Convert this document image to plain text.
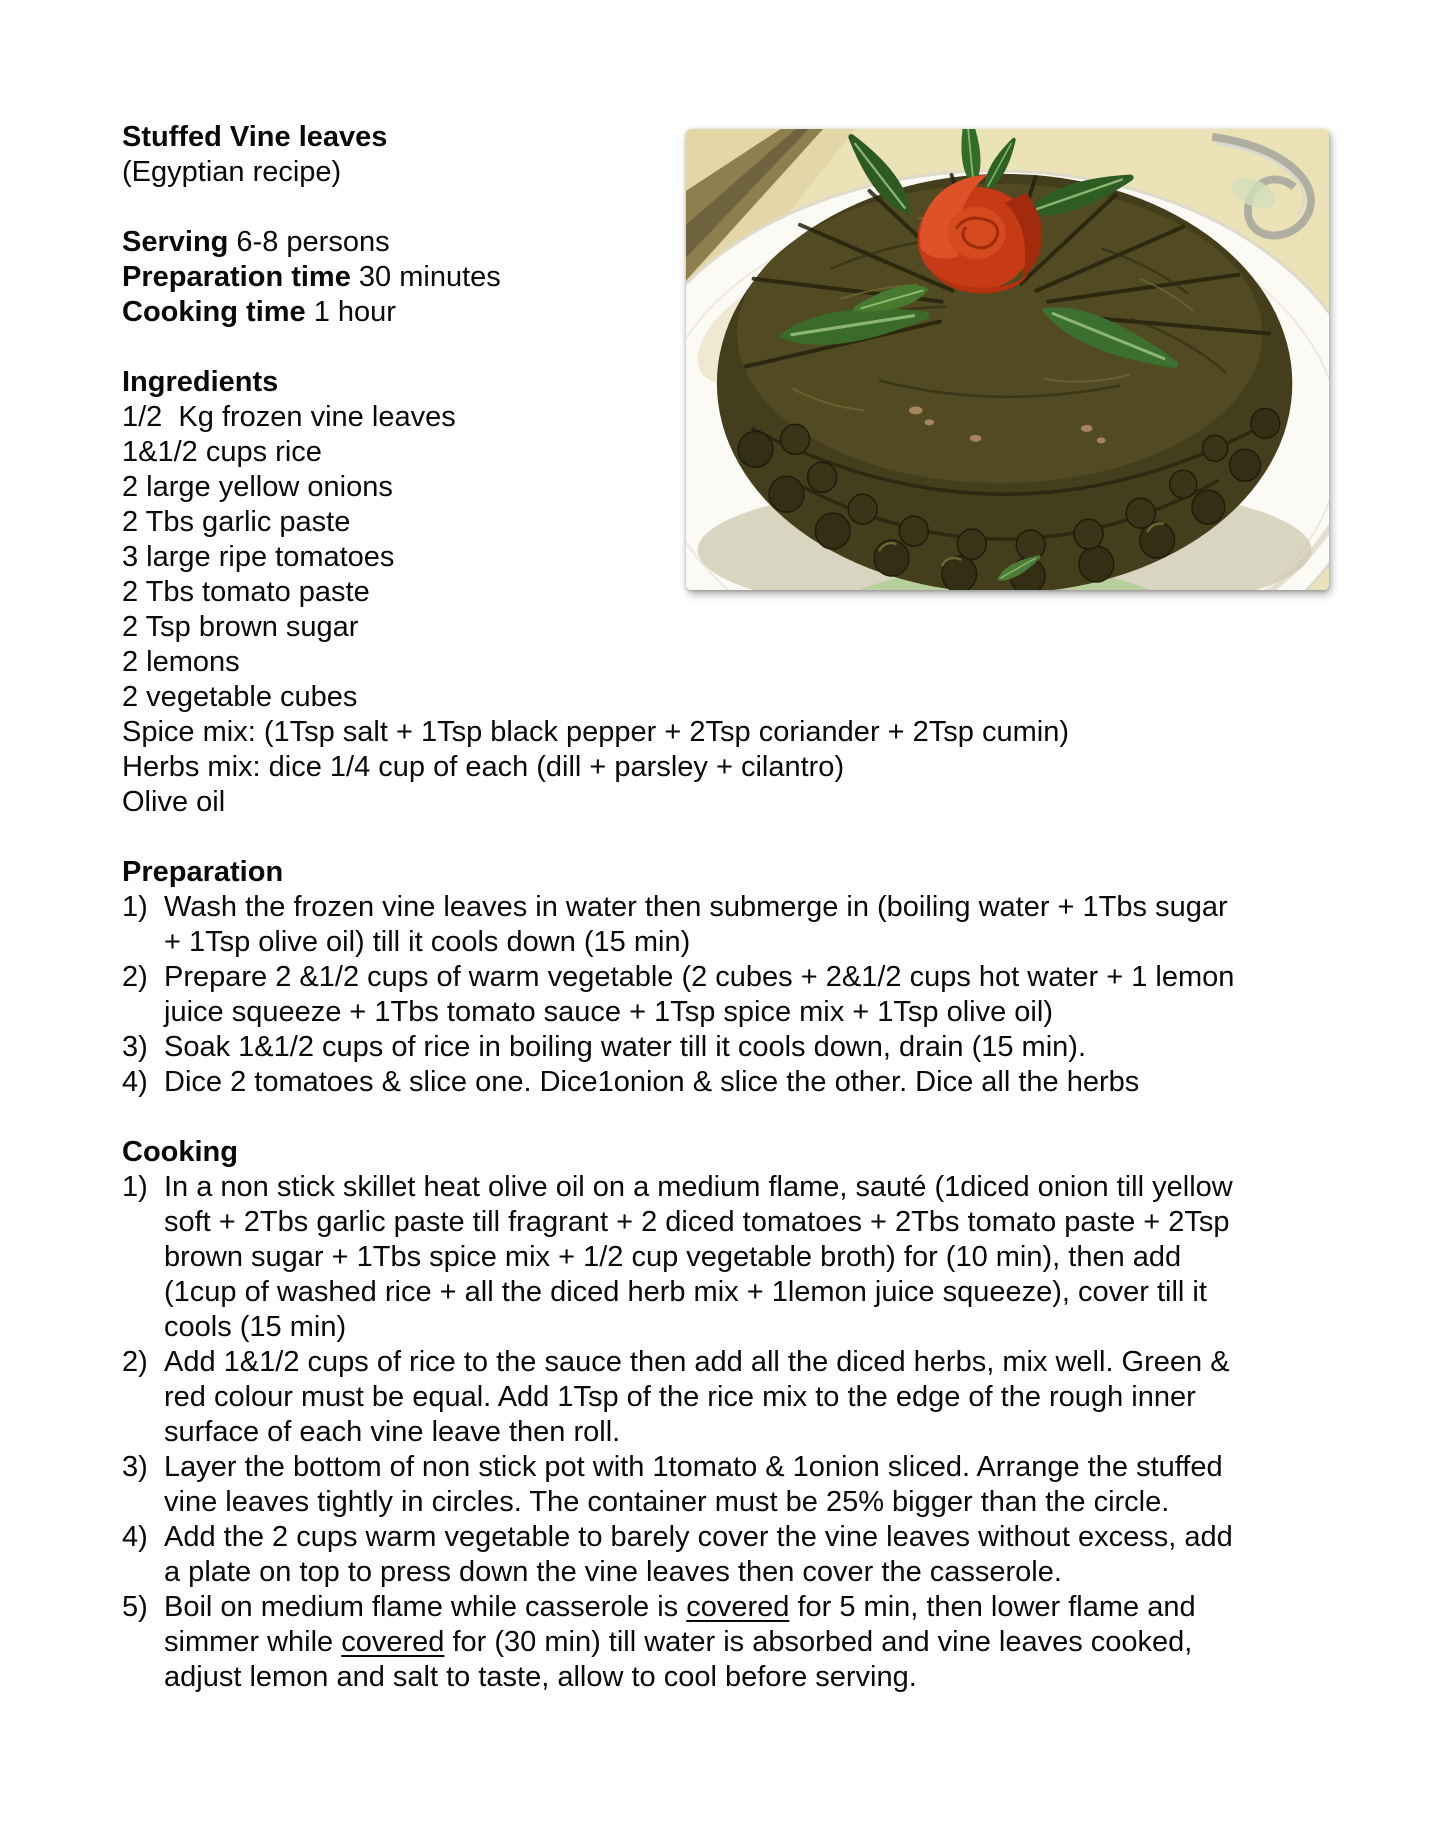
Stuffed Vine leaves
(Egyptian recipe)
Serving 6-8 persons
Preparation time 30 minutes
Cooking time 1 hour
Ingredients
1/2  Kg frozen vine leaves
1&1/2 cups rice
2 large yellow onions
2 Tbs garlic paste
3 large ripe tomatoes
2 Tbs tomato paste
2 Tsp brown sugar
2 lemons
2 vegetable cubes
Spice mix: (1Tsp salt + 1Tsp black pepper + 2Tsp coriander + 2Tsp cumin)
Herbs mix: dice 1/4 cup of each (dill + parsley + cilantro)
Olive oil
Preparation
1) Wash the frozen vine leaves in water then submerge in (boiling water + 1Tbs sugar + 1Tsp olive oil) till it cools down (15 min)
2) Prepare 2 &1/2 cups of warm vegetable (2 cubes + 2&1/2 cups hot water + 1 lemon juice squeeze + 1Tbs tomato sauce + 1Tsp spice mix + 1Tsp olive oil)
3) Soak 1&1/2 cups of rice in boiling water till it cools down, drain (15 min).
4) Dice 2 tomatoes & slice one. Dice1onion & slice the other. Dice all the herbs
Cooking
1) In a non stick skillet heat olive oil on a medium flame, sauté (1diced onion till yellow soft + 2Tbs garlic paste till fragrant + 2 diced tomatoes + 2Tbs tomato paste + 2Tsp brown sugar + 1Tbs spice mix + 1/2 cup vegetable broth) for (10 min), then add (1cup of washed rice + all the diced herb mix + 1lemon juice squeeze), cover till it cools (15 min)
2) Add 1&1/2 cups of rice to the sauce then add all the diced herbs, mix well. Green & red colour must be equal. Add 1Tsp of the rice mix to the edge of the rough inner surface of each vine leave then roll.
3) Layer the bottom of non stick pot with 1tomato & 1onion sliced. Arrange the stuffed vine leaves tightly in circles. The container must be 25% bigger than the circle.
4) Add the 2 cups warm vegetable to barely cover the vine leaves without excess, add a plate on top to press down the vine leaves then cover the casserole.
5) Boil on medium flame while casserole is covered for 5 min, then lower flame and simmer while covered for (30 min) till water is absorbed and vine leaves cooked, adjust lemon and salt to taste, allow to cool before serving.
